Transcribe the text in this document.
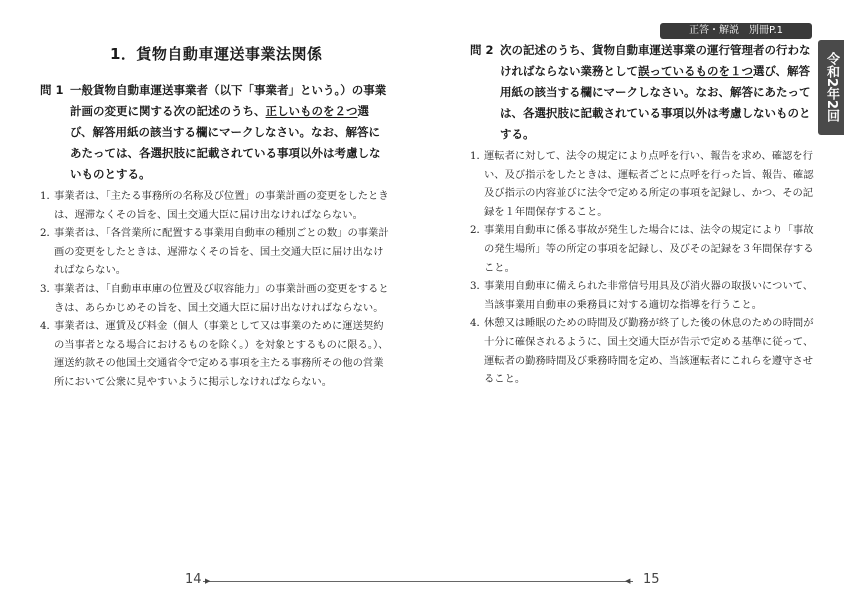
正答・解説　別冊P.1
令和2年2回
1．貨物自動車運送事業法関係
問 1 一般貨物自動車運送事業者（以下「事業者」という。）の事業計画の変更に関する次の記述のうち、正しいものを２つ選び、解答用紙の該当する欄にマークしなさい。なお、解答にあたっては、各選択肢に記載されている事項以外は考慮しないものとする。
1．
事業者は、「主たる事務所の名称及び位置」の事業計画の変更をしたときは、遅滞なくその旨を、国土交通大臣に届け出なければならない。
2．
事業者は、「各営業所に配置する事業用自動車の種別ごとの数」の事業計画の変更をしたときは、遅滞なくその旨を、国土交通大臣に届け出なければならない。
3．
事業者は、「自動車車庫の位置及び収容能力」の事業計画の変更をするときは、あらかじめその旨を、国土交通大臣に届け出なければならない。
4．
事業者は、運賃及び料金（個人（事業として又は事業のために運送契約の当事者となる場合におけるものを除く。）を対象とするものに限る。）、運送約款その他国土交通省令で定める事項を主たる事務所その他の営業所において公衆に見やすいように掲示しなければならない。
問 2 次の記述のうち、貨物自動車運送事業の運行管理者の行わなければならない業務として誤っているものを１つ選び、解答用紙の該当する欄にマークしなさい。なお、解答にあたっては、各選択肢に記載されている事項以外は考慮しないものとする。
1．
運転者に対して、法令の規定により点呼を行い、報告を求め、確認を行い、及び指示をしたときは、運転者ごとに点呼を行った旨、報告、確認及び指示の内容並びに法令で定める所定の事項を記録し、かつ、その記録を１年間保存すること。
2．
事業用自動車に係る事故が発生した場合には、法令の規定により「事故の発生場所」等の所定の事項を記録し、及びその記録を３年間保存すること。
3．
事業用自動車に備えられた非常信号用具及び消火器の取扱いについて、当該事業用自動車の乗務員に対する適切な指導を行うこと。
4．
休憩又は睡眠のための時間及び勤務が終了した後の休息のための時間が十分に確保されるように、国土交通大臣が告示で定める基準に従って、運転者の勤務時間及び乗務時間を定め、当該運転者にこれらを遵守させること。
▶	◀
14	15
